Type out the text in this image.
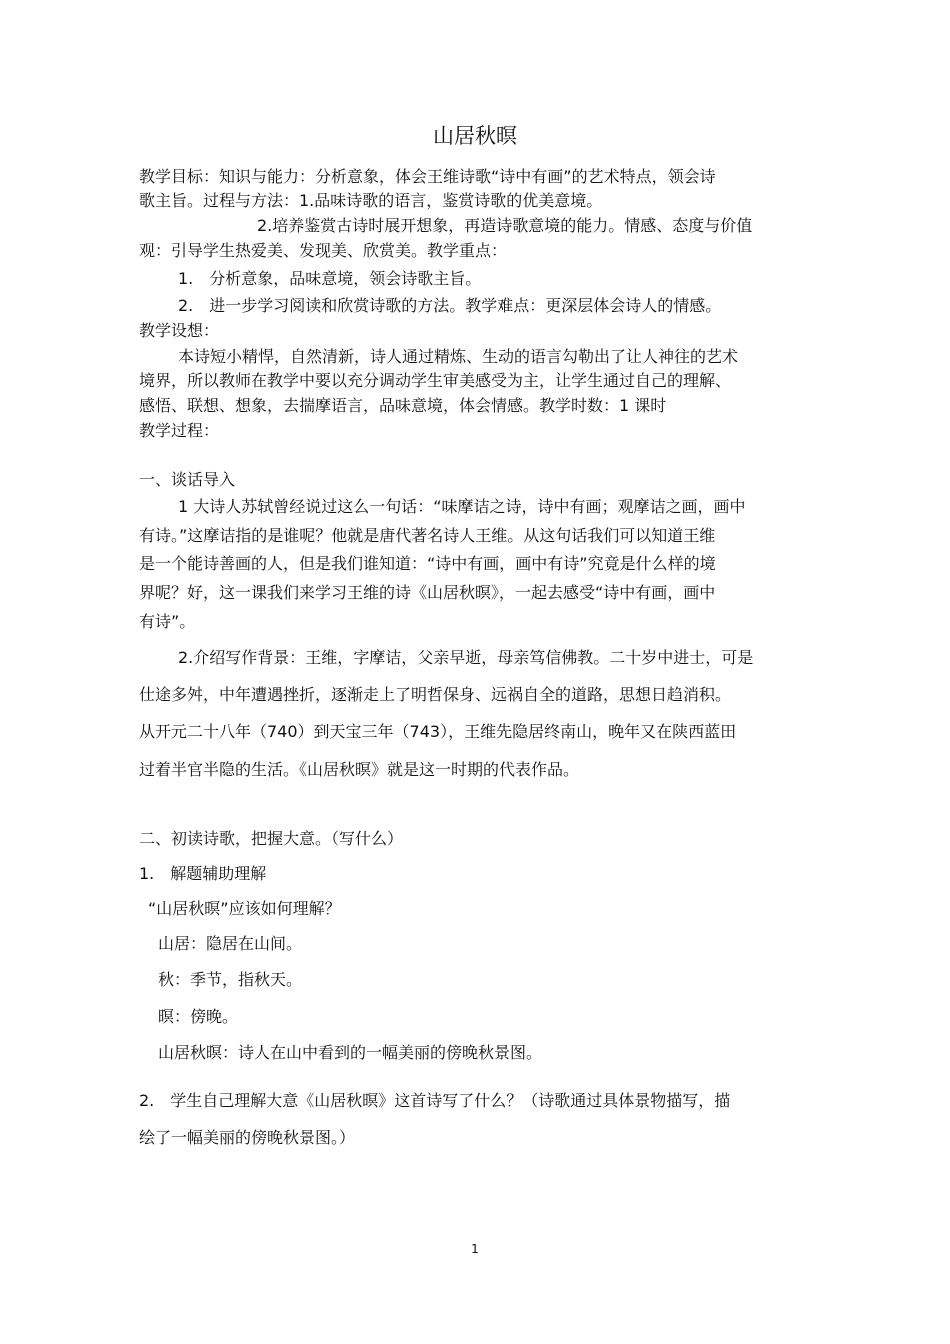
山居秋暝
教学目标：知识与能力：分析意象，体会王维诗歌“诗中有画”的艺术特点，领会诗
歌主旨。过程与方法：1.品味诗歌的语言，鉴赏诗歌的优美意境。
2.培养鉴赏古诗时展开想象，再造诗歌意境的能力。情感、态度与价值
观：引导学生热爱美、发现美、欣赏美。教学重点：
1.　分析意象，品味意境，领会诗歌主旨。
2.　进一步学习阅读和欣赏诗歌的方法。教学难点：更深层体会诗人的情感。
教学设想：
本诗短小精悍，自然清新，诗人通过精炼、生动的语言勾勒出了让人神往的艺术
境界，所以教师在教学中要以充分调动学生审美感受为主，让学生通过自己的理解、
感悟、联想、想象，去揣摩语言，品味意境，体会情感。教学时数：1 课时
教学过程：
一、谈话导入
1 大诗人苏轼曾经说过这么一句话：“味摩诘之诗，诗中有画；观摩诘之画，画中
有诗。”这摩诘指的是谁呢？他就是唐代著名诗人王维。从这句话我们可以知道王维
是一个能诗善画的人，但是我们谁知道：“诗中有画，画中有诗”究竟是什么样的境
界呢？好，这一课我们来学习王维的诗《山居秋暝》，一起去感受“诗中有画，画中
有诗”。
2.介绍写作背景：王维，字摩诘，父亲早逝，母亲笃信佛教。二十岁中进士，可是
仕途多舛，中年遭遇挫折，逐渐走上了明哲保身、远祸自全的道路，思想日趋消积。
从开元二十八年（740）到天宝三年（743），王维先隐居终南山，晚年又在陕西蓝田
过着半官半隐的生活。《山居秋暝》就是这一时期的代表作品。
二、初读诗歌，把握大意。（写什么）
1.　解题辅助理解
“山居秋暝”应该如何理解？
山居：隐居在山间。
秋：季节，指秋天。
暝：傍晚。
山居秋暝：诗人在山中看到的一幅美丽的傍晚秋景图。
2.　学生自己理解大意《山居秋暝》这首诗写了什么？（诗歌通过具体景物描写，描
绘了一幅美丽的傍晚秋景图。）
1
